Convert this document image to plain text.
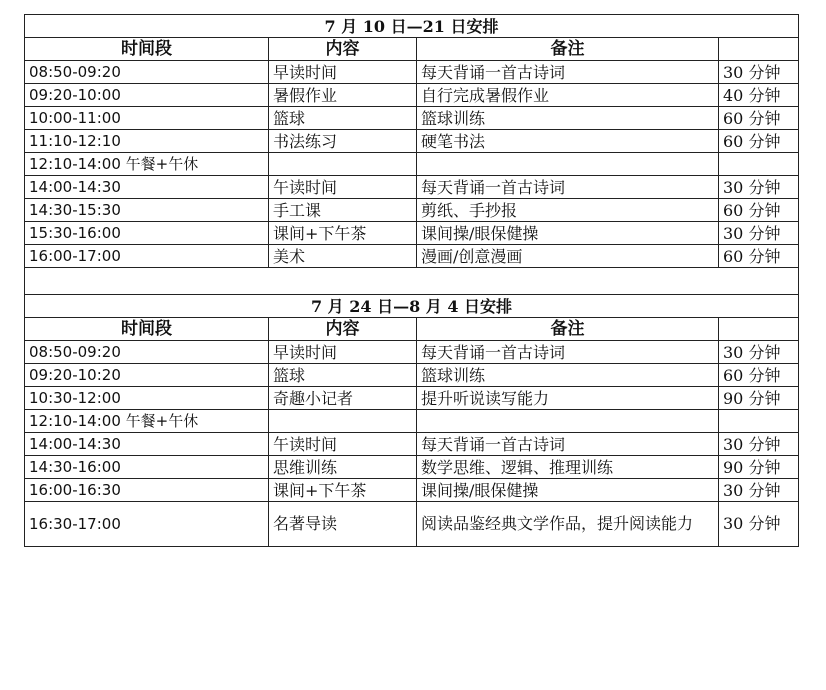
7 月 10 日—21 日安排			
时间段	内容	备注	
08:50-09:20	早读时间	每天背诵一首古诗词	30 分钟
09:20-10:00	暑假作业	自行完成暑假作业	40 分钟
10:00-11:00	篮球	篮球训练	60 分钟
11:10-12:10	书法练习	硬笔书法	60 分钟
12:10-14:00 午餐+午休			
14:00-14:30	午读时间	每天背诵一首古诗词	30 分钟
14:30-15:30	手工课	剪纸、手抄报	60 分钟
15:30-16:00	课间+下午茶	课间操/眼保健操	30 分钟
16:00-17:00	美术	漫画/创意漫画	60 分钟

7 月 24 日—8 月 4 日安排			
时间段	内容	备注	
08:50-09:20	早读时间	每天背诵一首古诗词	30 分钟
09:20-10:20	篮球	篮球训练	60 分钟
10:30-12:00	奇趣小记者	提升听说读写能力	90 分钟
12:10-14:00 午餐+午休			
14:00-14:30	午读时间	每天背诵一首古诗词	30 分钟
14:30-16:00	思维训练	数学思维、逻辑、推理训练	90 分钟
16:00-16:30	课间+下午茶	课间操/眼保健操	30 分钟
16:30-17:00	名著导读	阅读品鉴经典文学作品，提升阅读能力	30 分钟
